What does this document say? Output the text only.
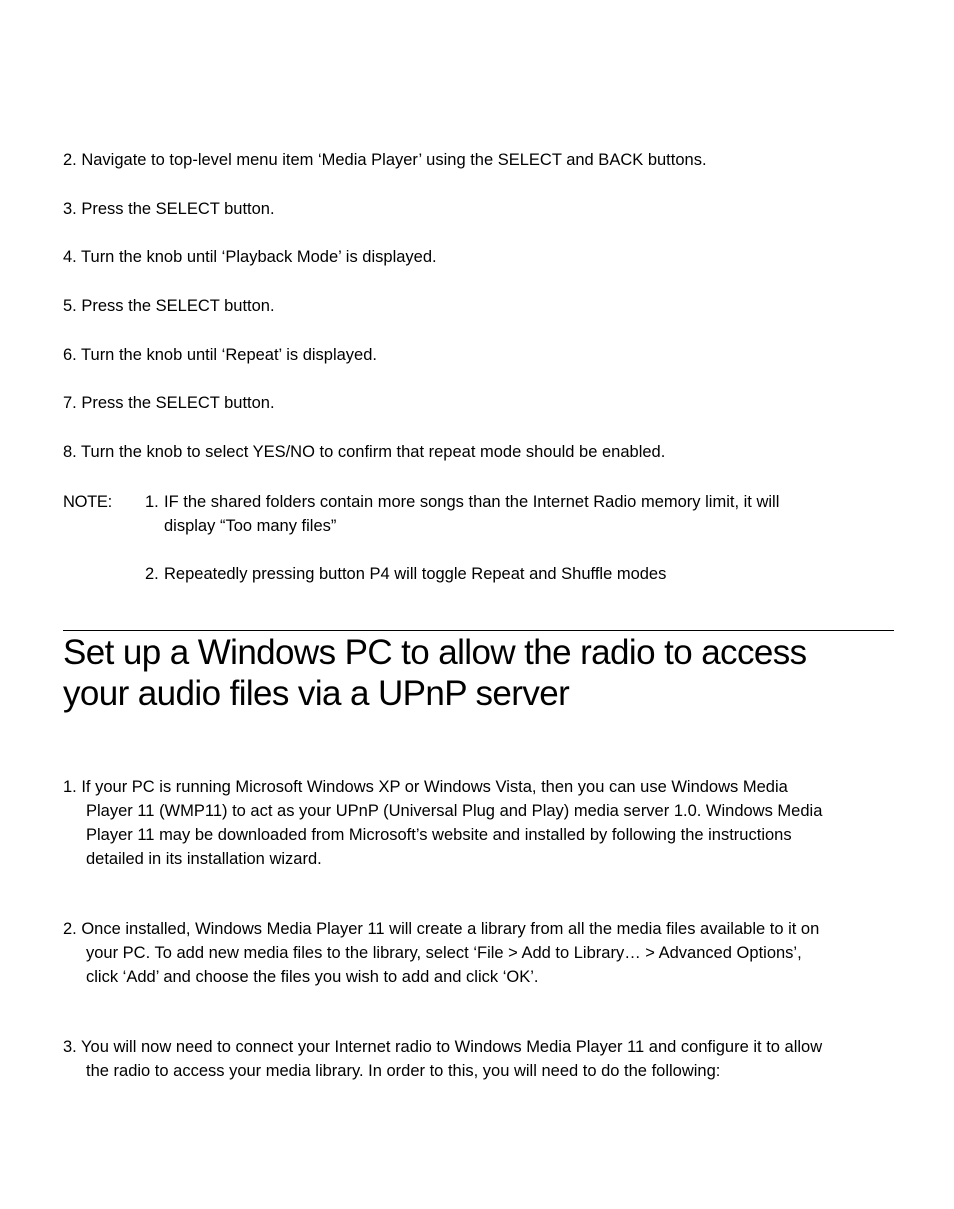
2. Navigate to top-level menu item ‘Media Player’ using the SELECT and BACK buttons.
3. Press the SELECT button.
4. Turn the knob until ‘Playback Mode’ is displayed.
5. Press the SELECT button.
6. Turn the knob until ‘Repeat’ is displayed.
7. Press the SELECT button.
8. Turn the knob to select YES/NO to confirm that repeat mode should be enabled.
NOTE: 1. IF the shared folders contain more songs than the Internet Radio memory limit, it will
display “Too many files”
2. Repeatedly pressing button P4 will toggle Repeat and Shuffle modes
Set up a Windows PC to allow the radio to access
your audio files via a UPnP server
1. If your PC is running Microsoft Windows XP or Windows Vista, then you can use Windows Media
Player 11 (WMP11) to act as your UPnP (Universal Plug and Play) media server 1.0. Windows Media
Player 11 may be downloaded from Microsoft’s website and installed by following the instructions
detailed in its installation wizard.
2. Once installed, Windows Media Player 11 will create a library from all the media files available to it on
your PC. To add new media files to the library, select ‘File > Add to Library… > Advanced Options’,
click ‘Add’ and choose the files you wish to add and click ‘OK’.
3. You will now need to connect your Internet radio to Windows Media Player 11 and configure it to allow
the radio to access your media library. In order to this, you will need to do the following:
